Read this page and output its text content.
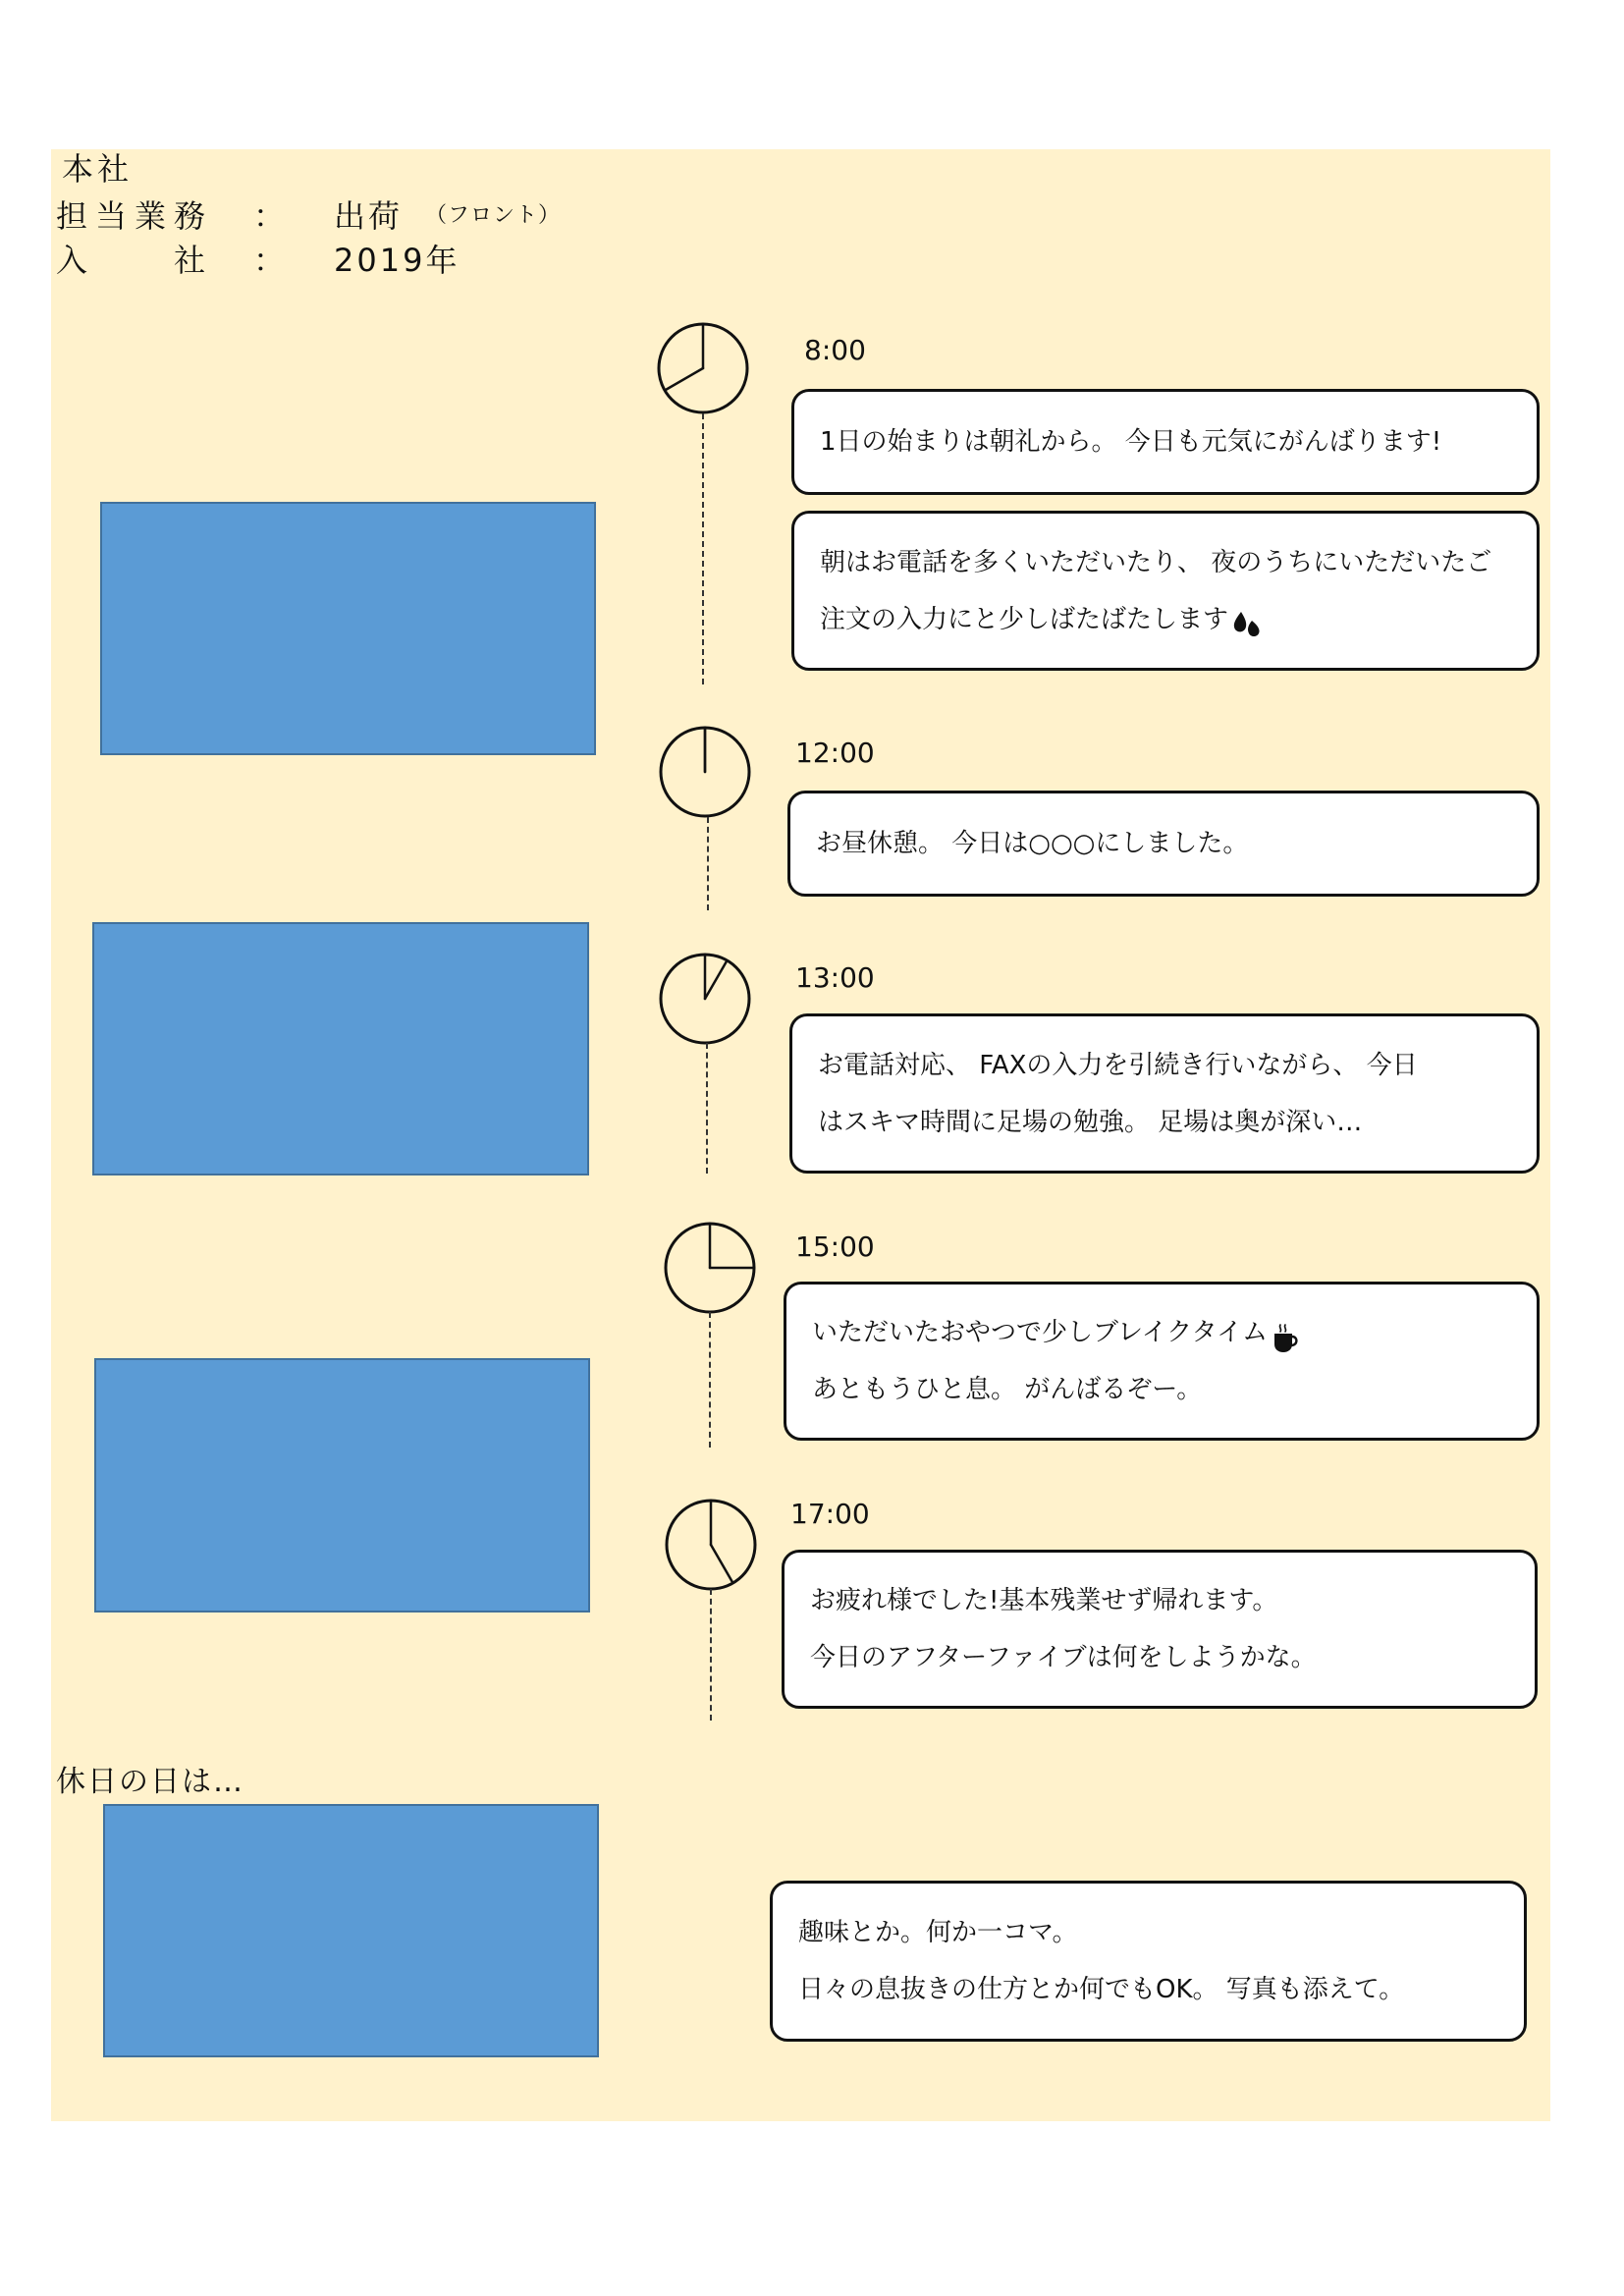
本社
担当業務 ： 出荷 （フロント）
入　　社 ： 2019年
8:00
1日の始まりは朝礼から。 今日も元気にがんばります!
朝はお電話を多くいただいたり、 夜のうちにいただいたご
注文の入力にと少しばたばたします
12:00
お昼休憩。 今日は○○○にしました。
13:00
お電話対応、 FAXの入力を引続き行いながら、 今日
はスキマ時間に足場の勉強。 足場は奥が深い…
15:00
いただいたおやつで少しブレイクタイム
あともうひと息。 がんばるぞー。
17:00
お疲れ様でした!基本残業せず帰れます。
今日のアフターファイブは何をしようかな。
休日の日は…
趣味とか。何か一コマ。
日々の息抜きの仕方とか何でもOK。 写真も添えて。
